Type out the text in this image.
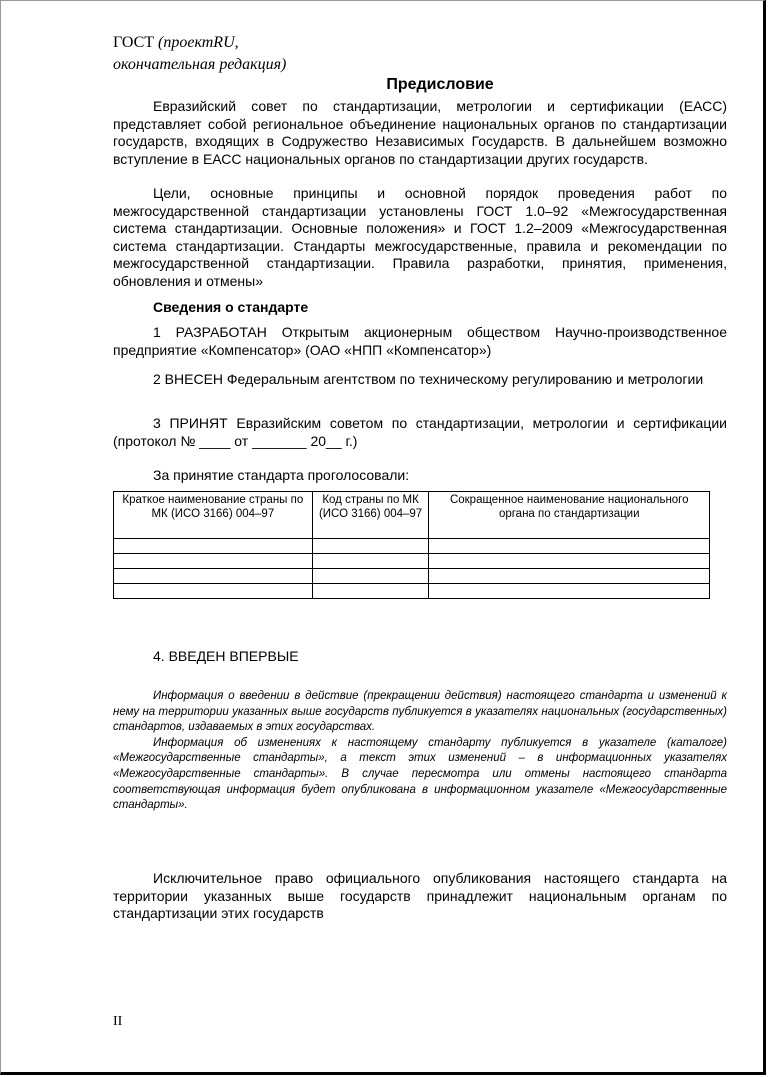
ГОСТ (проектRU,
окончательная редакция)
Предисловие
Евразийский совет по стандартизации, метрологии и сертификации (ЕАСС) представляет собой региональное объединение национальных органов по стандартизации государств, входящих в Содружество Независимых Государств. В дальнейшем возможно вступление в ЕАСС национальных органов по стандартизации других государств.
Цели, основные принципы и основной порядок проведения работ по межгосударственной стандартизации установлены ГОСТ 1.0–92 «Межгосударственная система стандартизации. Основные положения» и ГОСТ 1.2–2009 «Межгосударственная система стандартизации. Стандарты межгосударственные, правила и рекомендации по межгосударственной стандартизации. Правила разработки, принятия, применения, обновления и отмены»
Сведения о стандарте
1 РАЗРАБОТАН Открытым акционерным обществом Научно-производственное предприятие «Компенсатор» (ОАО «НПП «Компенсатор»)
2 ВНЕСЕН Федеральным агентством по техническому регулированию и метрологии
3 ПРИНЯТ Евразийским советом по стандартизации, метрологии и сертификации (протокол № ____ от _______ 20__ г.)
За принятие стандарта проголосовали:
Краткое наименование страны по МК (ИСО 3166) 004–97	Код страны по МК (ИСО 3166) 004–97	Сокращенное наименование национального органа по стандартизации

4. ВВЕДЕН ВПЕРВЫЕ
Информация о введении в действие (прекращении действия) настоящего стандарта и изменений к нему на территории указанных выше государств публикуется в указателях национальных (государственных) стандартов, издаваемых в этих государствах.
Информация об изменениях к настоящему стандарту публикуется в указателе (каталоге) «Межгосударственные стандарты», а текст этих изменений – в информационных указателях «Межгосударственные стандарты». В случае пересмотра или отмены настоящего стандарта соответствующая информация будет опубликована в информационном указателе «Межгосударственные стандарты».
Исключительное право официального опубликования настоящего стандарта на территории указанных выше государств принадлежит национальным органам по стандартизации этих государств
II
